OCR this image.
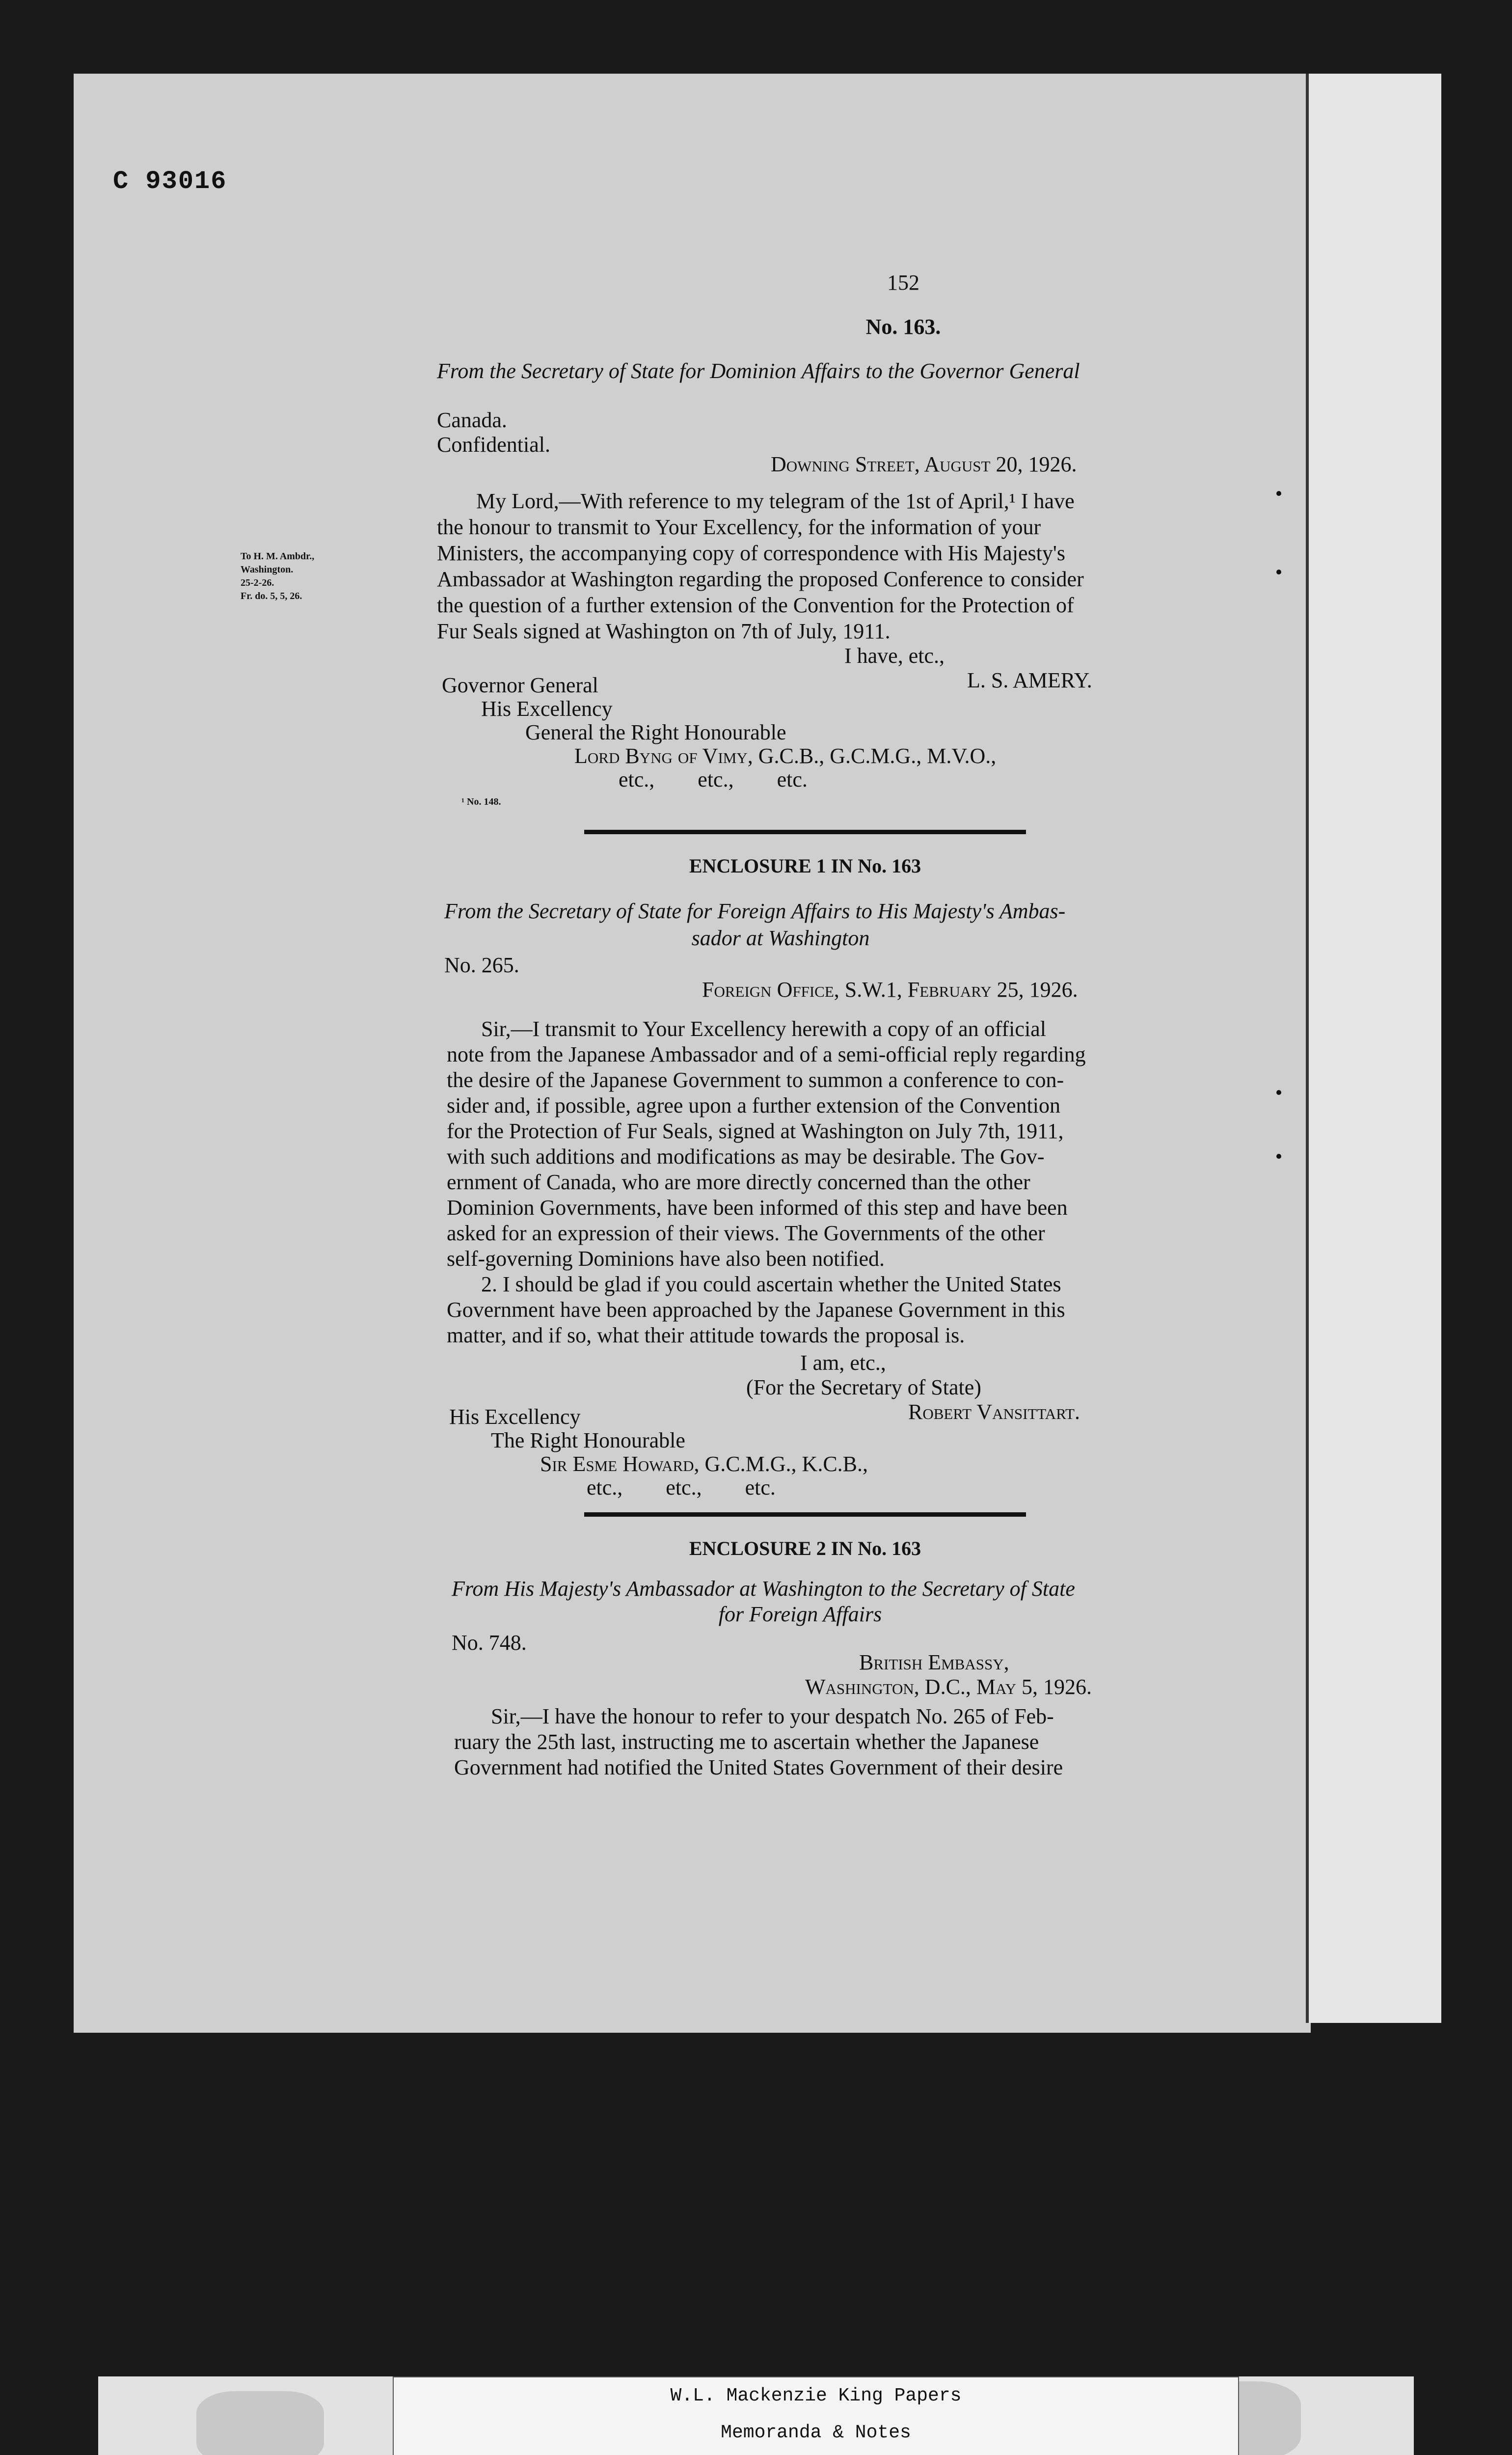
C 93016
152
No. 163.
From the Secretary of State for Dominion Affairs to the Governor General
Canada.
Confidential.
Downing Street, August 20, 1926.
My Lord,—With reference to my telegram of the 1st of April,¹ I have
the honour to transmit to Your Excellency, for the information of your
Ministers, the accompanying copy of correspondence with His Majesty's
Ambassador at Washington regarding the proposed Conference to consider
the question of a further extension of the Convention for the Protection of
Fur Seals signed at Washington on 7th of July, 1911.
To H. M. Ambdr.,
Washington.
25-2-26.
Fr. do. 5, 5, 26.
I have, etc.,
L. S. AMERY.
Governor General
His Excellency
General the Right Honourable
Lord Byng of Vimy, G.C.B., G.C.M.G., M.V.O.,
etc.,        etc.,        etc.
¹ No. 148.
ENCLOSURE 1 IN No. 163
From the Secretary of State for Foreign Affairs to His Majesty's Ambas-
sador at Washington
No. 265.
Foreign Office, S.W.1, February 25, 1926.
Sir,—I transmit to Your Excellency herewith a copy of an official
note from the Japanese Ambassador and of a semi-official reply regarding
the desire of the Japanese Government to summon a conference to con-
sider and, if possible, agree upon a further extension of the Convention
for the Protection of Fur Seals, signed at Washington on July 7th, 1911,
with such additions and modifications as may be desirable. The Gov-
ernment of Canada, who are more directly concerned than the other
Dominion Governments, have been informed of this step and have been
asked for an expression of their views. The Governments of the other
self-governing Dominions have also been notified.
2. I should be glad if you could ascertain whether the United States
Government have been approached by the Japanese Government in this
matter, and if so, what their attitude towards the proposal is.
I am, etc.,
(For the Secretary of State)
Robert Vansittart.
His Excellency
The Right Honourable
Sir Esme Howard, G.C.M.G., K.C.B.,
etc.,        etc.,        etc.
ENCLOSURE 2 IN No. 163
From His Majesty's Ambassador at Washington to the Secretary of State
for Foreign Affairs
No. 748.
British Embassy,
Washington, D.C., May 5, 1926.
Sir,—I have the honour to refer to your despatch No. 265 of Feb-
ruary the 25th last, instructing me to ascertain whether the Japanese
Government had notified the United States Government of their desire
W.L. Mackenzie King Papers
Memoranda & Notes
